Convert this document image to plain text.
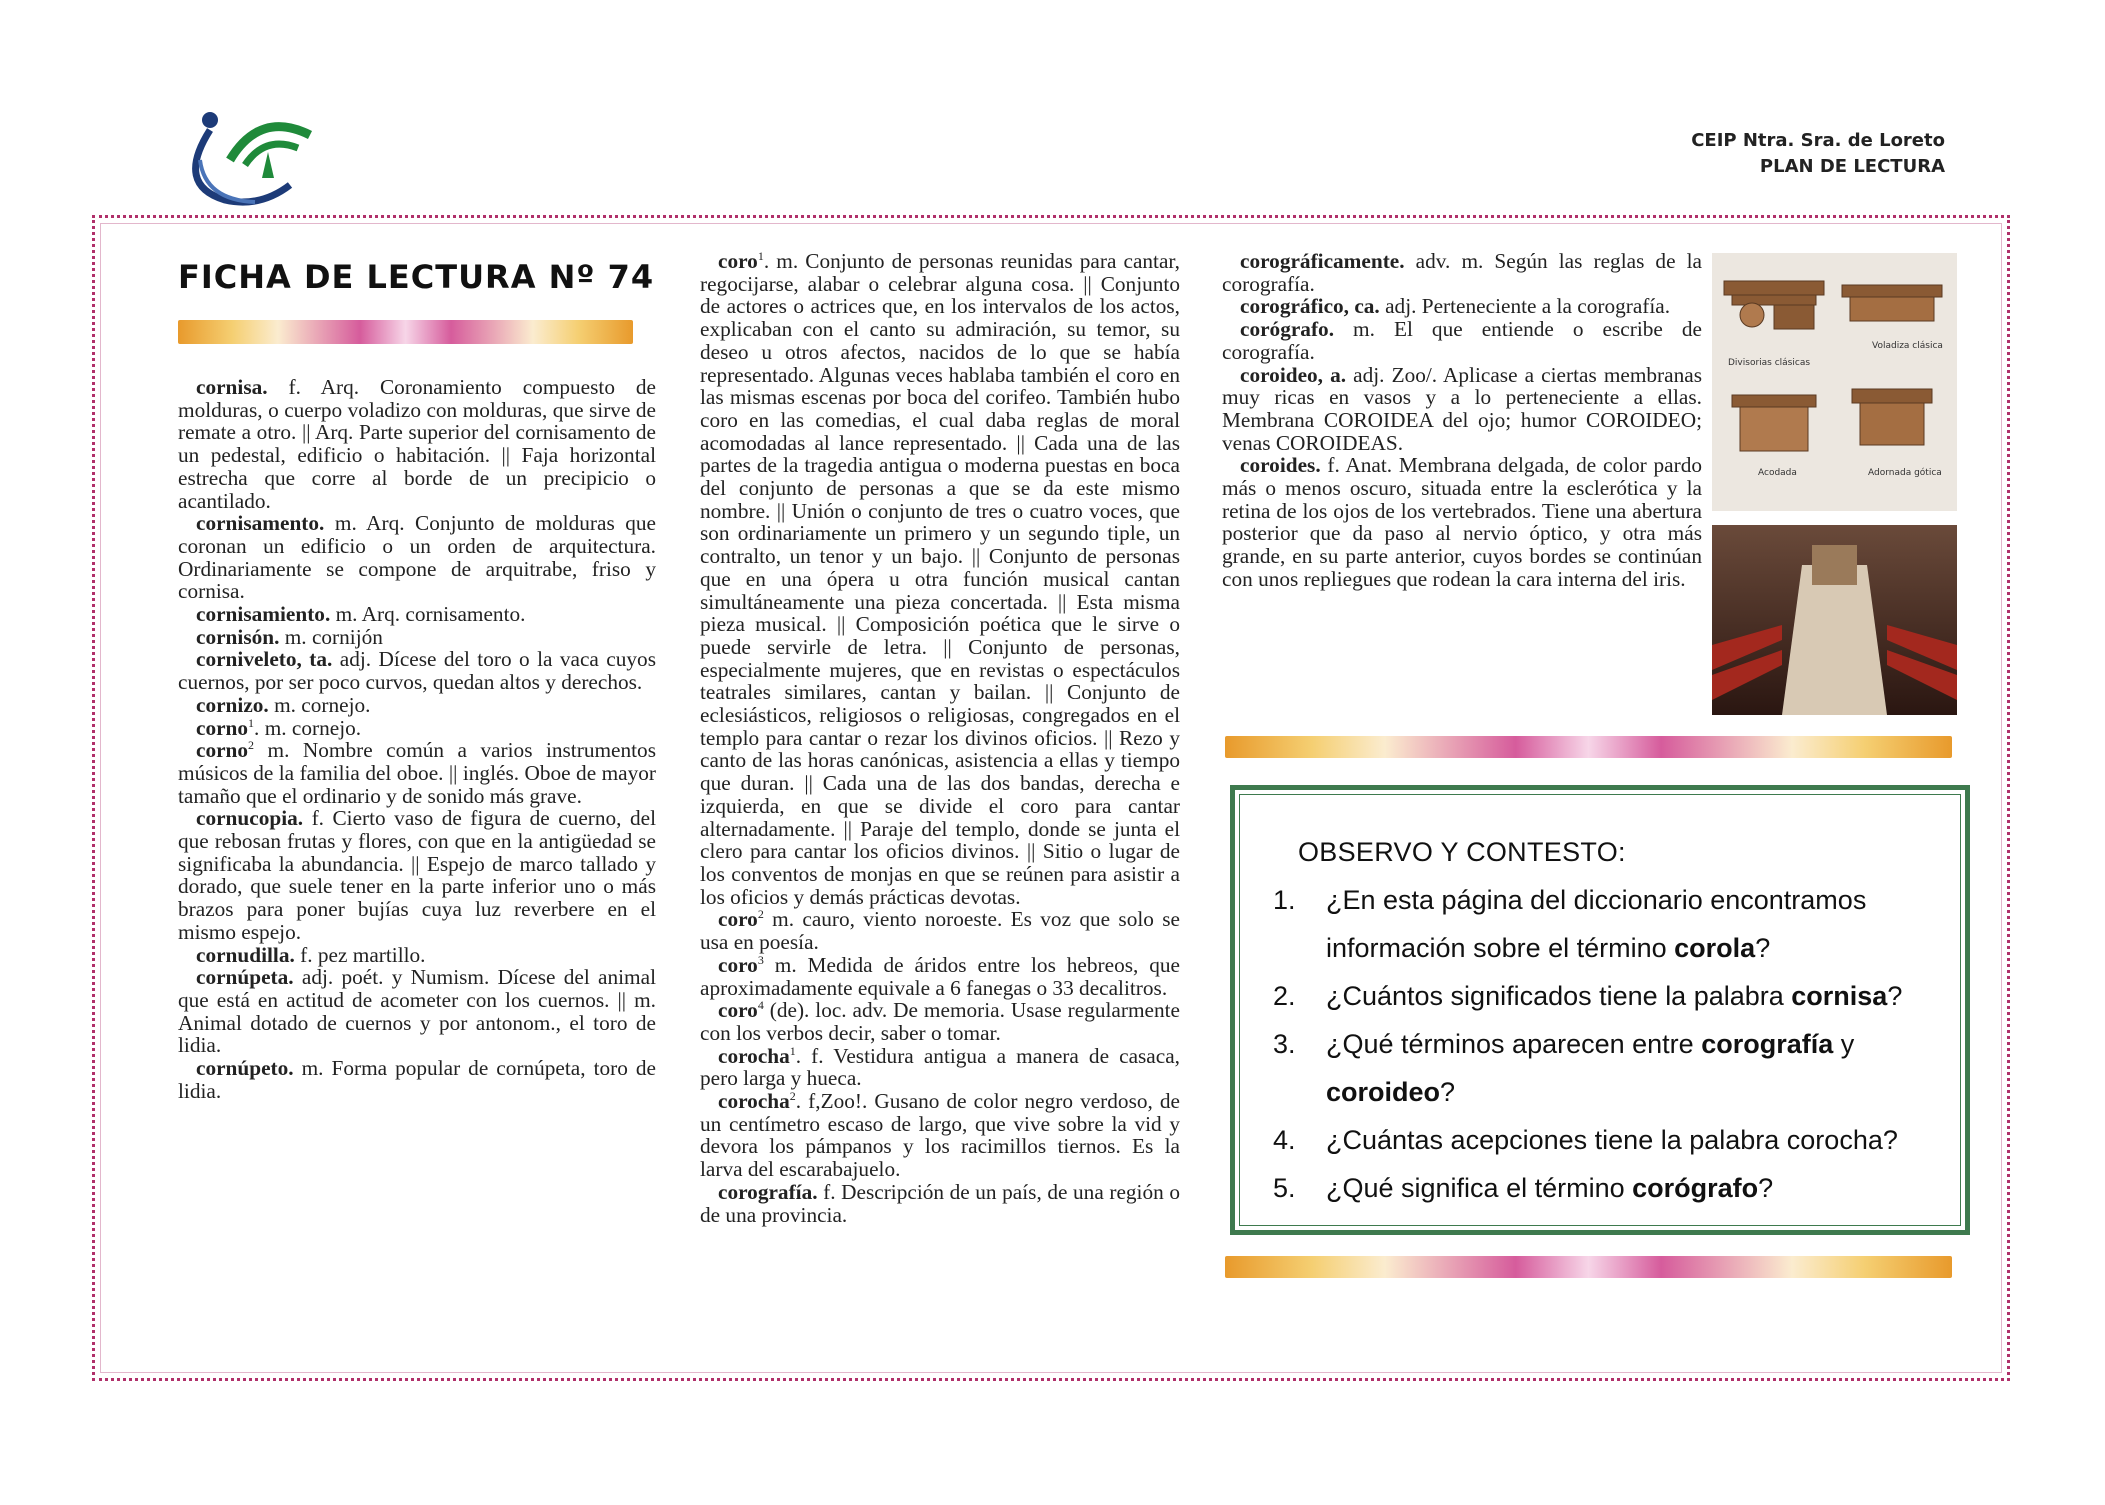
CEIP Ntra. Sra. de Loreto
PLAN DE LECTURA
FICHA DE LECTURA Nº 74

cornisa. f. Arq. Coronamiento compuesto de molduras, o cuerpo voladizo con molduras, que sirve de remate a otro. || Arq. Parte superior del cornisamento de un pedestal, edificio o habitación. || Faja horizontal estrecha que corre al borde de un precipicio o acantilado.

cornisamento. m. Arq. Conjunto de molduras que coronan un edificio o un orden de arquitectura. Ordinariamente se compone de arquitrabe, friso y cornisa.

cornisamiento. m. Arq. cornisamento.

cornisón. m. cornijón

corniveleto, ta. adj. Dícese del toro o la vaca cuyos cuernos, por ser poco curvos, quedan altos y derechos.

cornizo. m. cornejo.

corno$^1$. m. cornejo.

corno$^2$ m. Nombre común a varios instrumentos músicos de la familia del oboe. || inglés. Oboe de mayor tamaño que el ordinario y de sonido más grave.

cornucopia. f. Cierto vaso de figura de cuerno, del que rebosan frutas y flores, con que en la antigüedad se significaba la abundancia. || Espejo de marco tallado y dorado, que suele tener en la parte inferior uno o más brazos para poner bujías cuya luz reverbere en el mismo espejo.

cornudilla. f. pez martillo.

cornúpeta. adj. poét. y Numism. Dícese del animal que está en actitud de acometer con los cuernos. || m. Animal dotado de cuernos y por antonom., el toro de lidia.

cornúpeto. m. Forma popular de cornúpeta, toro de lidia.

coro$^1$. m. Conjunto de personas reunidas para cantar, regocijarse, alabar o celebrar alguna cosa. || Conjunto de actores o actrices que, en los intervalos de los actos, explicaban con el canto su admiración, su temor, su deseo u otros afectos, nacidos de lo que se había representado. Algunas veces hablaba también el coro en las mismas escenas por boca del corifeo. También hubo coro en las comedias, el cual daba reglas de moral acomodadas al lance representado. || Cada una de las partes de la tragedia antigua o moderna puestas en boca del conjunto de personas a que se da este mismo nombre. || Unión o conjunto de tres o cuatro voces, que son ordinariamente un primero y un segundo tiple, un contralto, un tenor y un bajo. || Conjunto de personas que en una ópera u otra función musical cantan simultáneamente una pieza concertada. || Esta misma pieza musical. || Composición poética que le sirve o puede servirle de letra. || Conjunto de personas, especialmente mujeres, que en revistas o espectáculos teatrales similares, cantan y bailan. || Conjunto de eclesiásticos, religiosos o religiosas, congregados en el templo para cantar o rezar los divinos oficios. || Rezo y canto de las horas canónicas, asistencia a ellas y tiempo que duran. || Cada una de las dos bandas, derecha e izquierda, en que se divide el coro para cantar alternadamente. || Paraje del templo, donde se junta el clero para cantar los oficios divinos. || Sitio o lugar de los conventos de monjas en que se reúnen para asistir a los oficios y demás prácticas devotas.

coro$^2$ m. cauro, viento noroeste. Es voz que solo se usa en poesía.

coro$^3$ m. Medida de áridos entre los hebreos, que aproximadamente equivale a 6 fanegas o 33 decalitros.

coro$^4$ (de). loc. adv. De memoria. Usase regularmente con los verbos decir, saber o tomar.

corocha$^1$. f. Vestidura antigua a manera de casaca, pero larga y hueca.

corocha$^2$. f,Zoo!. Gusano de color negro verdoso, de un centímetro escaso de largo, que vive sobre la vid y devora los pámpanos y los racimillos tiernos. Es la larva del escarabajuelo.

corografía. f. Descripción de un país, de una región o de una provincia.

corográficamente. adv. m. Según las reglas de la corografía.

corográfico, ca. adj. Perteneciente a la corografía.

corógrafo. m. El que entiende o escribe de corografía.

coroideo, a. adj. Zoo/. Aplicase a ciertas membranas muy ricas en vasos y a lo perteneciente a ellas. Membrana COROIDEA del ojo; humor COROIDEO; venas COROIDEAS.

coroides. f. Anat. Membrana delgada, de color pardo más o menos oscuro, situada entre la esclerótica y la retina de los ojos de los vertebrados. Tiene una abertura posterior que da paso al nervio óptico, y otra más grande, en su parte anterior, cuyos bordes se continúan con unos repliegues que rodean la cara interna del iris.

Divisorias clásicas
Voladiza clásica
Acodada	Adornada gótica
OBSERVO Y CONTESTO:
1. ¿En esta página del diccionario encontramos información sobre el término corola?
2. ¿Cuántos significados tiene la palabra cornisa?
3. ¿Qué términos aparecen entre corografía y coroideo?
4. ¿Cuántas acepciones tiene la palabra corocha?
5. ¿Qué significa el término corógrafo?
